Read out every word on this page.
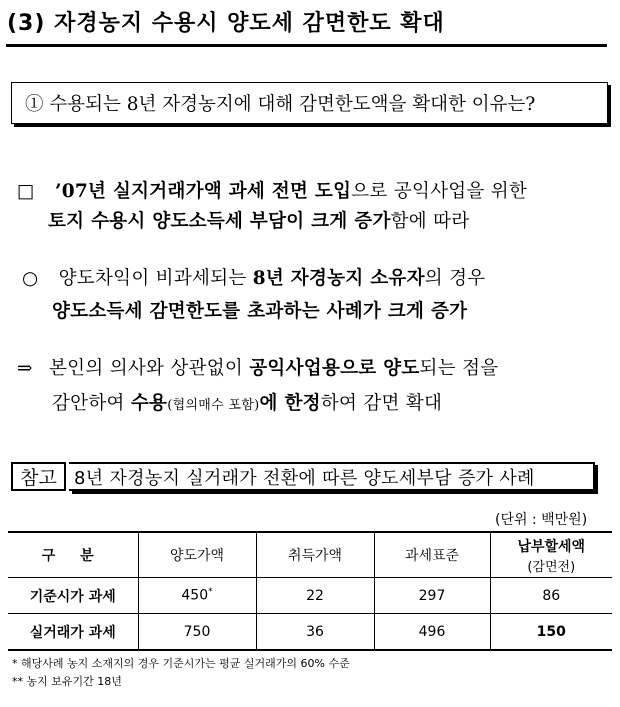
(3) 자경농지 수용시 양도세 감면한도 확대
① 수용되는 8년 자경농지에 대해 감면한도액을 확대한 이유는?
□ ’07년 실지거래가액 과세 전면 도입으로 공익사업을 위한
토지 수용시 양도소득세 부담이 크게 증가함에 따라
○ 양도차익이 비과세되는 8년 자경농지 소유자의 경우
양도소득세 감면한도를 초과하는 사례가 크게 증가
⇒ 본인의 의사와 상관없이 공익사업용으로 양도되는 점을
감안하여 수용(협의매수 포함)에 한정하여 감면 확대
참고 8년 자경농지 실거래가 전환에 따른 양도세부담 증가 사례
(단위 : 백만원)
구 분	양도가액	취득가액	과세표준	납부할세액
(감면전)

기준시가 과세	450*	22	297	86
실거래가 과세	750	36	496	150
* 해당사례 농지 소재지의 경우 기준시가는 평균 실거래가의 60% 수준
** 농지 보유기간 18년
